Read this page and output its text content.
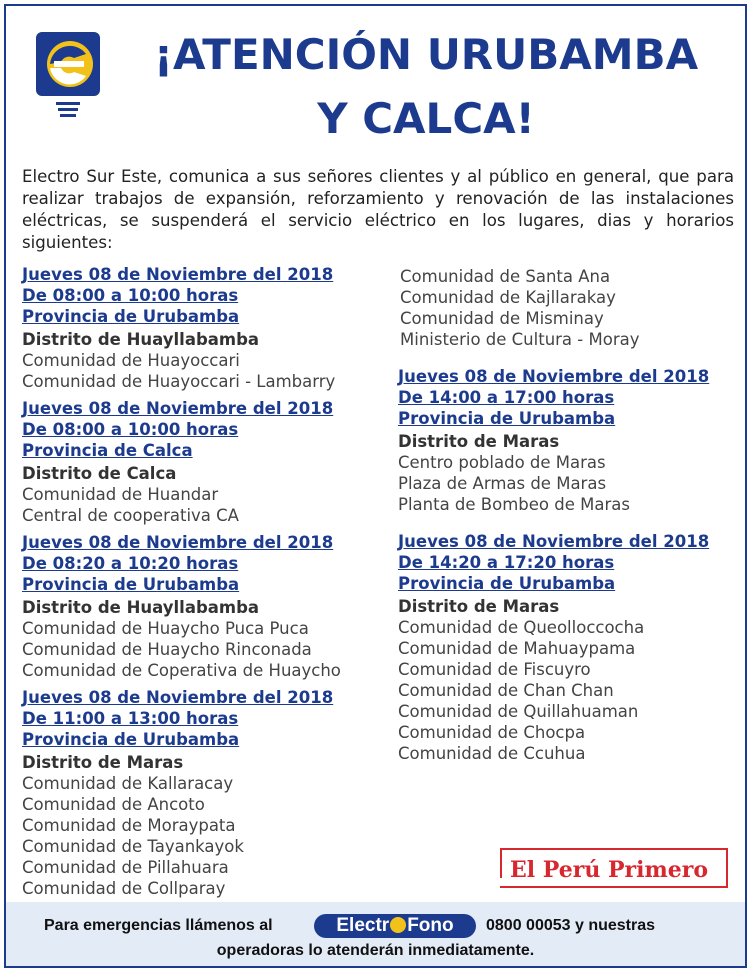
¡ATENCIÓN URUBAMBA
Y CALCA!
Electro Sur Este, comunica a sus señores clientes y al público en general, que para realizar trabajos de expansión, reforzamiento y renovación de las instalaciones eléctricas, se suspenderá el servicio eléctrico en los lugares, dias y horarios siguientes:
Jueves 08 de Noviembre del 2018
De 08:00 a 10:00 horas
Provincia de Urubamba
Distrito de Huayllabamba
Comunidad de Huayoccari
Comunidad de Huayoccari - Lambarry
Jueves 08 de Noviembre del 2018
De 08:00 a 10:00 horas
Provincia de Calca
Distrito de Calca
Comunidad de Huandar
Central de cooperativa CA
Jueves 08 de Noviembre del 2018
De 08:20 a 10:20 horas
Provincia de Urubamba
Distrito de Huayllabamba
Comunidad de Huaycho Puca Puca
Comunidad de Huaycho Rinconada
Comunidad de Coperativa de Huaycho
Jueves 08 de Noviembre del 2018
De 11:00 a 13:00 horas
Provincia de Urubamba
Distrito de Maras
Comunidad de Kallaracay
Comunidad de Ancoto
Comunidad de Moraypata
Comunidad de Tayankayok
Comunidad de Pillahuara
Comunidad de Collparay
Comunidad de Santa Ana
Comunidad de Kajllarakay
Comunidad de Misminay
Ministerio de Cultura - Moray
Jueves 08 de Noviembre del 2018
De 14:00 a 17:00 horas
Provincia de Urubamba
Distrito de Maras
Centro poblado de Maras
Plaza de Armas de Maras
Planta de Bombeo de Maras
Jueves 08 de Noviembre del 2018
De 14:20 a 17:20 horas
Provincia de Urubamba
Distrito de Maras
Comunidad de Queolloccocha
Comunidad de Mahuaypama
Comunidad de Fiscuyro
Comunidad de Chan Chan
Comunidad de Quillahuaman
Comunidad de Chocpa
Comunidad de Ccuhua
El Perú Primero
Para emergencias llámenos al	Electr Fono	0800 00053 y nuestras
operadoras lo atenderán inmediatamente.
